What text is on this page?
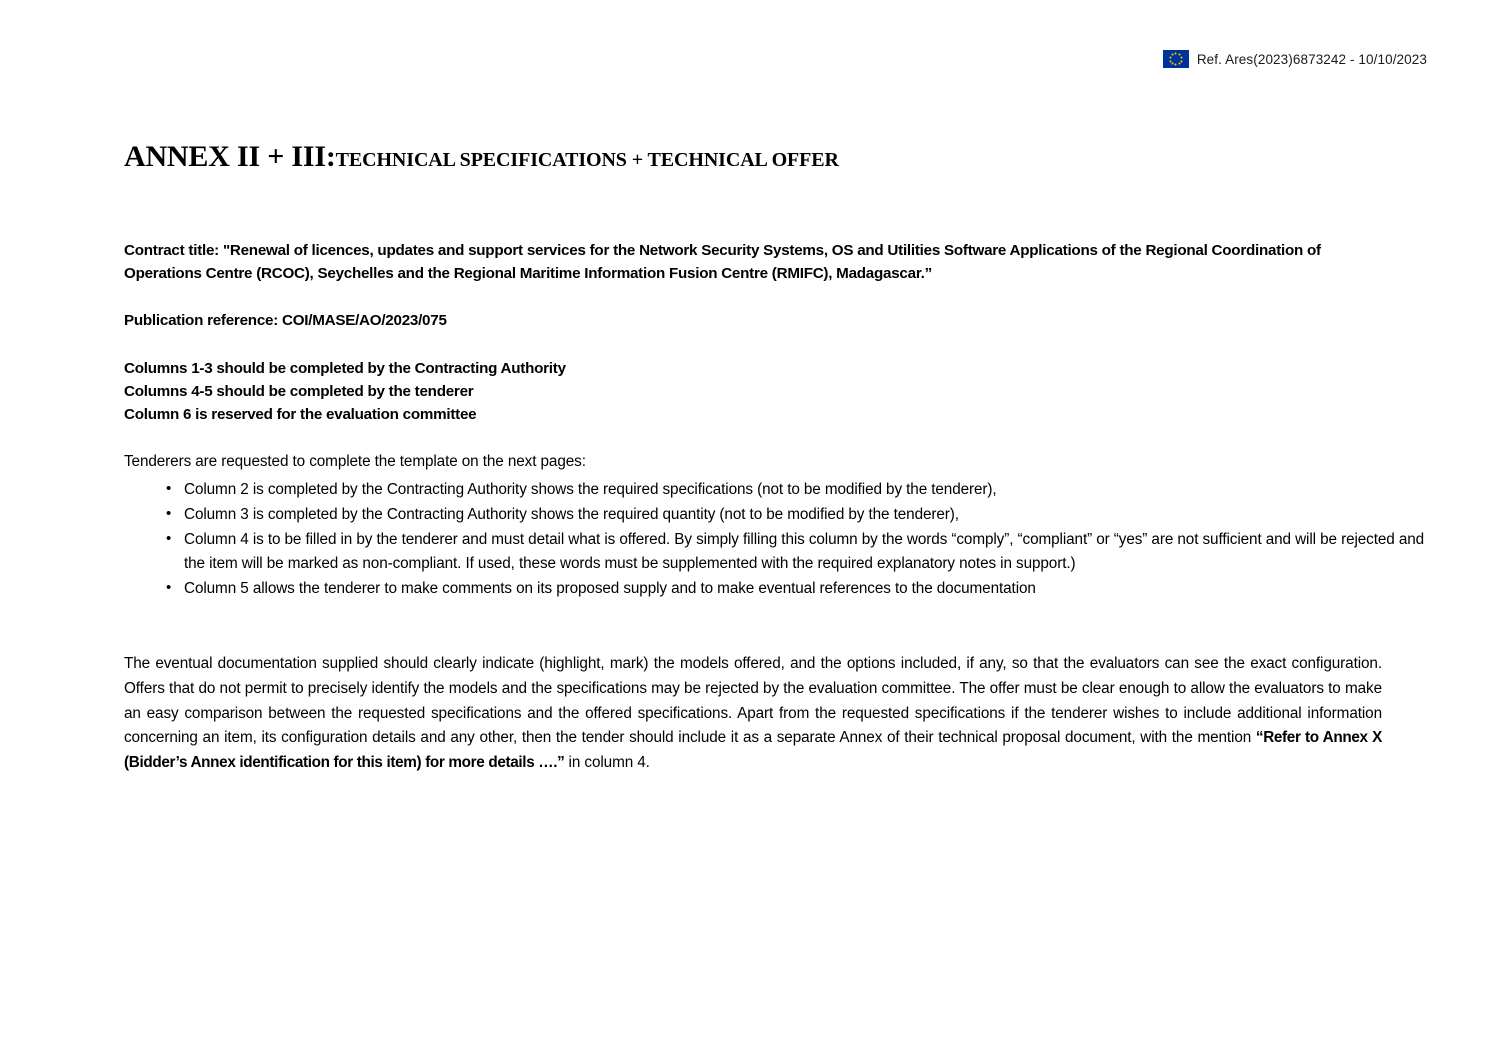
Ref. Ares(2023)6873242 - 10/10/2023
ANNEX II + III:TECHNICAL SPECIFICATIONS + TECHNICAL OFFER
Contract title: "Renewal of licences, updates and support services for the Network Security Systems, OS and Utilities Software Applications of the Regional Coordination of Operations Centre (RCOC), Seychelles and the Regional Maritime Information Fusion Centre (RMIFC), Madagascar.”
Publication reference: COI/MASE/AO/2023/075
Columns 1-3 should be completed by the Contracting Authority
Columns 4-5 should be completed by the tenderer
Column 6 is reserved for the evaluation committee
Tenderers are requested to complete the template on the next pages:
• Column 2 is completed by the Contracting Authority shows the required specifications (not to be modified by the tenderer),
• Column 3 is completed by the Contracting Authority shows the required quantity (not to be modified by the tenderer),
• Column 4 is to be filled in by the tenderer and must detail what is offered. By simply filling this column by the words “comply”, “compliant” or “yes” are not sufficient and will be rejected and the item will be marked as non-compliant. If used, these words must be supplemented with the required explanatory notes in support.)
• Column 5 allows the tenderer to make comments on its proposed supply and to make eventual references to the documentation
The eventual documentation supplied should clearly indicate (highlight, mark) the models offered, and the options included, if any, so that the evaluators can see the exact configuration. Offers that do not permit to precisely identify the models and the specifications may be rejected by the evaluation committee. The offer must be clear enough to allow the evaluators to make an easy comparison between the requested specifications and the offered specifications. Apart from the requested specifications if the tenderer wishes to include additional information concerning an item, its configuration details and any other, then the tender should include it as a separate Annex of their technical proposal document, with the mention “Refer to Annex X (Bidder’s Annex identification for this item) for more details ….” in column 4.
